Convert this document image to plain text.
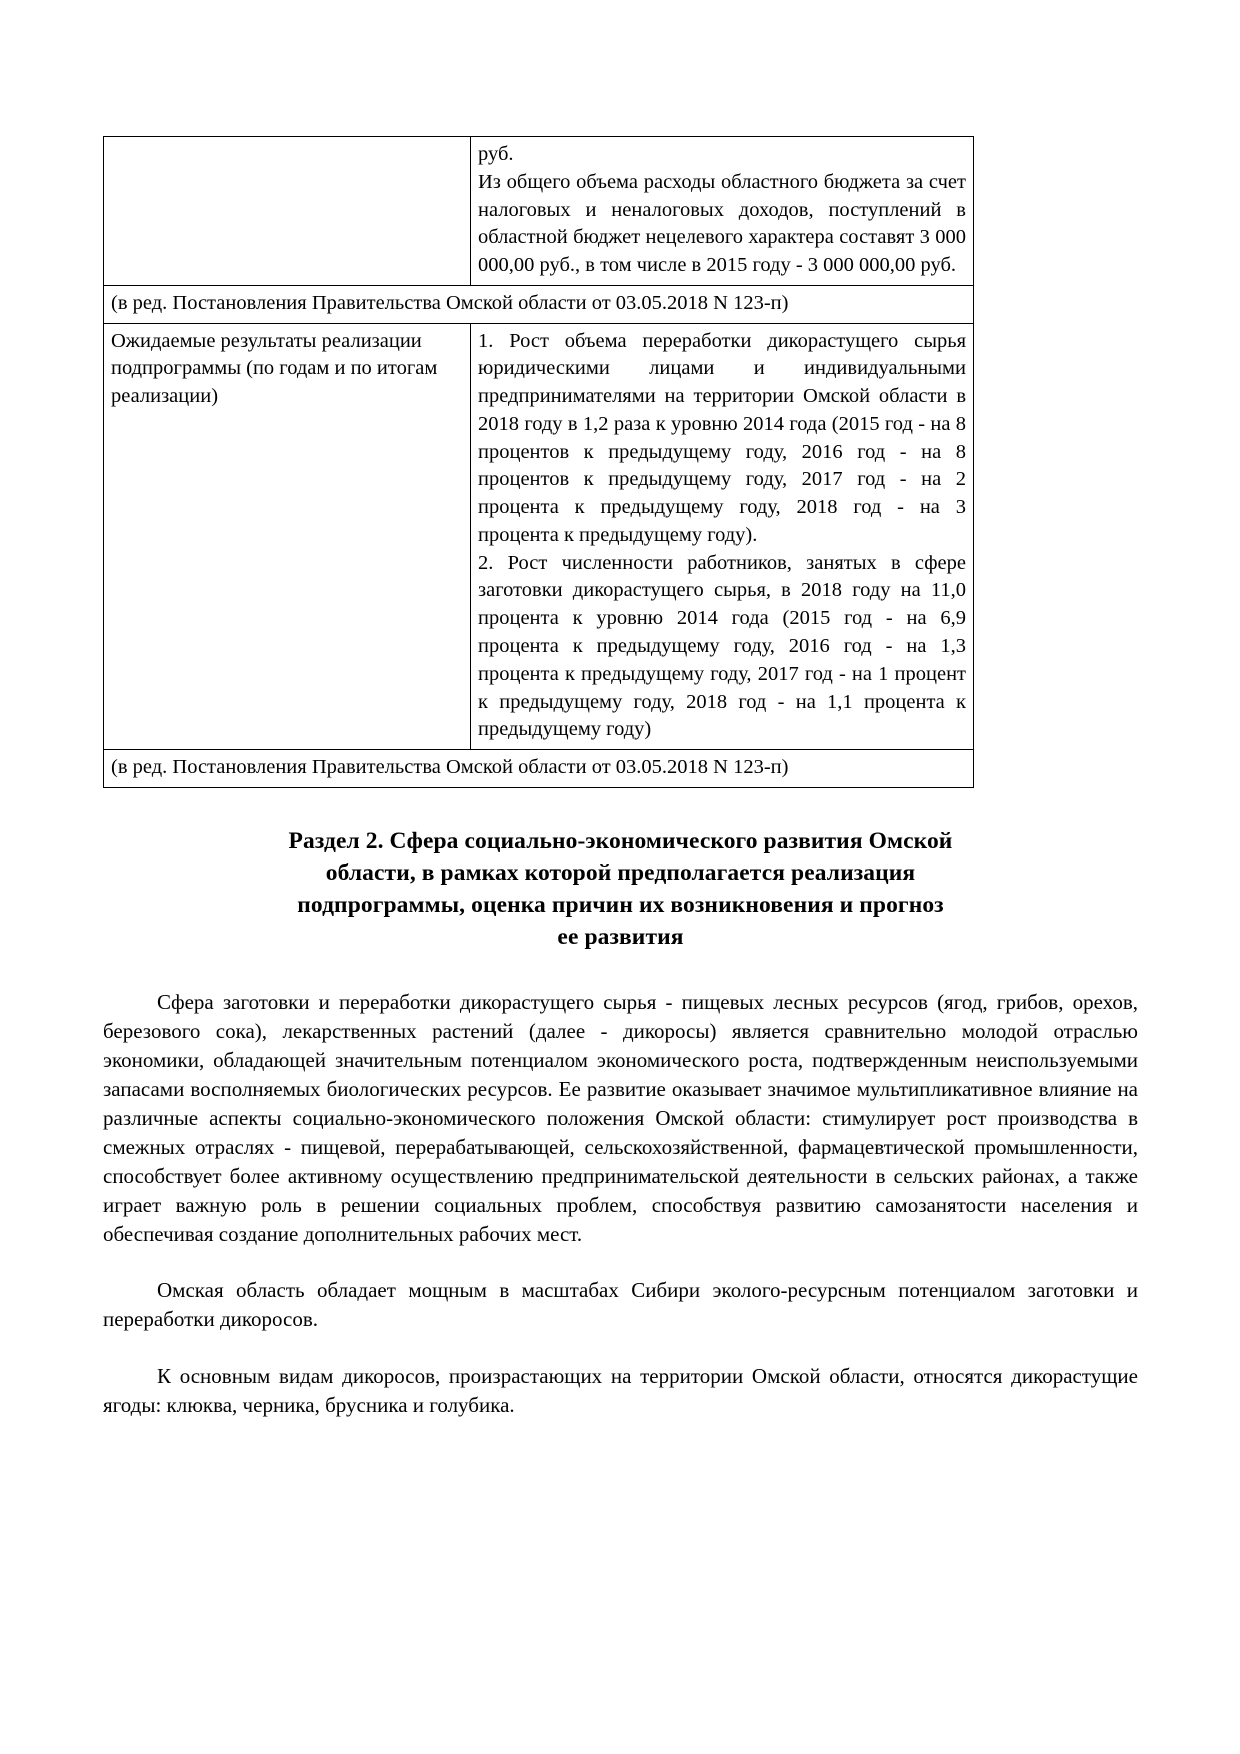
	руб.

Из общего объема расходы областного бюджета за счет налоговых и неналоговых доходов, поступлений в областной бюджет нецелевого характера составят 3 000 000,00 руб., в том числе в 2015 году - 3 000 000,00 руб.

(в ред. Постановления Правительства Омской области от 03.05.2018 N 123-п)	
Ожидаемые результаты реализации подпрограммы (по годам и по итогам реализации)	1. Рост объема переработки дикорастущего сырья юридическими лицами и индивидуальными предпринимателями на территории Омской области в 2018 году в 1,2 раза к уровню 2014 года (2015 год - на 8 процентов к предыдущему году, 2016 год - на 8 процентов к предыдущему году, 2017 год - на 2 процента к предыдущему году, 2018 год - на 3 процента к предыдущему году).

2. Рост численности работников, занятых в сфере заготовки дикорастущего сырья, в 2018 году на 11,0 процента к уровню 2014 года (2015 год - на 6,9 процента к предыдущему году, 2016 год - на 1,3 процента к предыдущему году, 2017 год - на 1 процент к предыдущему году, 2018 год - на 1,1 процента к предыдущему году)

(в ред. Постановления Правительства Омской области от 03.05.2018 N 123-п)	
Раздел 2. Сфера социально-экономического развития Омской
области, в рамках которой предполагается реализация
подпрограммы, оценка причин их возникновения и прогноз
ее развития

Сфера заготовки и переработки дикорастущего сырья - пищевых лесных ресурсов (ягод, грибов, орехов, березового сока), лекарственных растений (далее - дикоросы) является сравнительно молодой отраслью экономики, обладающей значительным потенциалом экономического роста, подтвержденным неиспользуемыми запасами восполняемых биологических ресурсов. Ее развитие оказывает значимое мультипликативное влияние на различные аспекты социально-экономического положения Омской области: стимулирует рост производства в смежных отраслях - пищевой, перерабатывающей, сельскохозяйственной, фармацевтической промышленности, способствует более активному осуществлению предпринимательской деятельности в сельских районах, а также играет важную роль в решении социальных проблем, способствуя развитию самозанятости населения и обеспечивая создание дополнительных рабочих мест.

Омская область обладает мощным в масштабах Сибири эколого-ресурсным потенциалом заготовки и переработки дикоросов.

К основным видам дикоросов, произрастающих на территории Омской области, относятся дикорастущие ягоды: клюква, черника, брусника и голубика.
